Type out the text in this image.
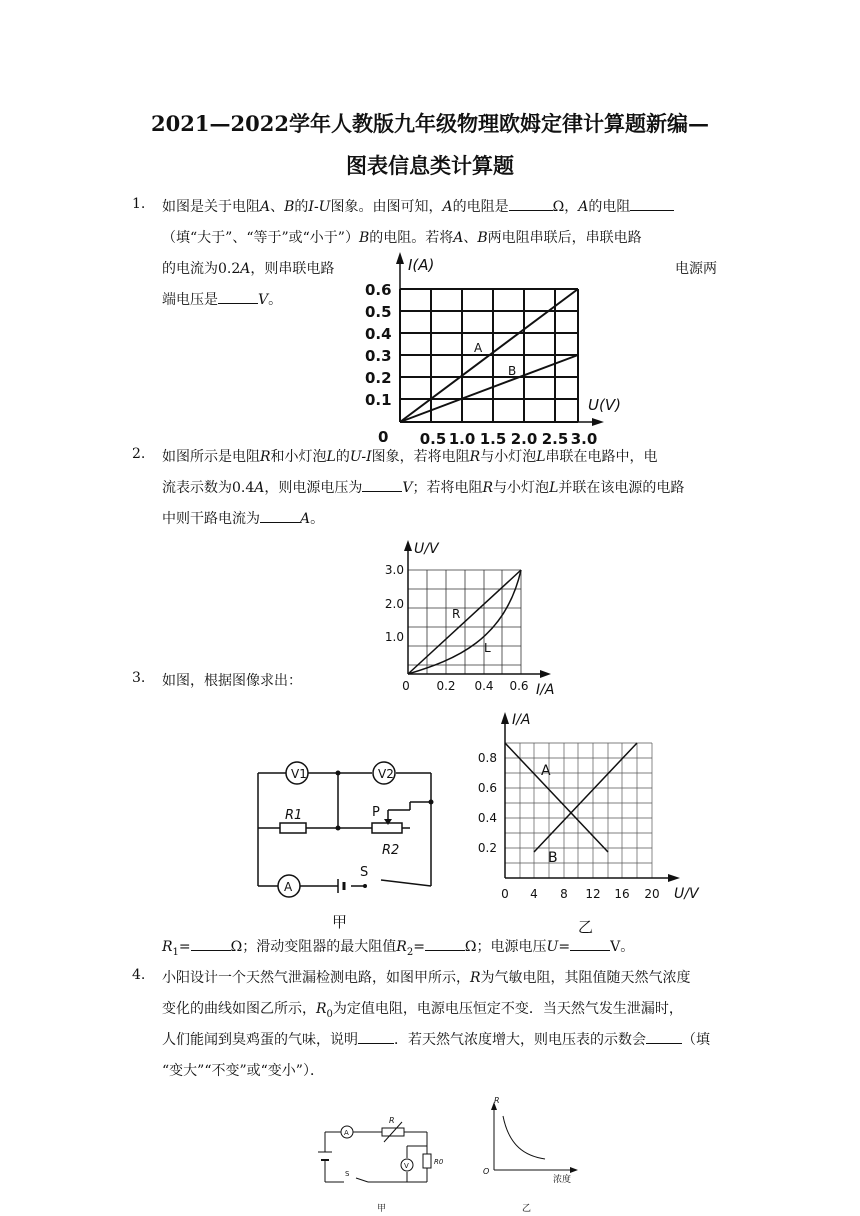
2021—2022学年人教版九年级物理欧姆定律计算题新编—
图表信息类计算题
1. 如图是关于电阻A、B的I-U图象。由图可知，A的电阻是	Ω，A的电阻
（填“大于”、“等于”或“小于”）B的电阻。若将A、B两电阻串联后，串联电路
的电流为0.2A，则串联电路	电源两
端电压是	V。
I(A)
U(V)
0.6
0.5
0.4
0.3
0.2
0.1
0 0.5 1.0 1.5 2.0 2.5 3.0
A
B
2. 如图所示是电阻R和小灯泡L的U-I图象，若将电阻R与小灯泡L串联在电路中，电
流表示数为0.4A，则电源电压为	V；若将电阻R与小灯泡L并联在该电源的电路
中则干路电流为	A。
U/V
I/A
3.0
2.0
1.0
0 0.2 0.4 0.6
R
L
3. 如图，根据图像求出：
V1	V2
R1	P
R2
S
A
甲
I/A
U/V
0.8
0.6
0.4
0.2
0 4 8 12 16 20
A
B
乙
$R_1=$	Ω；滑动变阻器的最大阻值$R_2=$	Ω；电源电压U=	V。
4. 小阳设计一个天然气泄漏检测电路，如图甲所示，R为气敏电阻，其阻值随天然气浓度
变化的曲线如图乙所示，$R_0$为定值电阻，电源电压恒定不变．当天然气发生泄漏时，
人们能闻到臭鸡蛋的气味，说明	．若天然气浓度增大，则电压表的示数会	（填
“变大”“不变”或“变小”）．
A
R
V	R0
S
甲
R
浓度
O
乙
